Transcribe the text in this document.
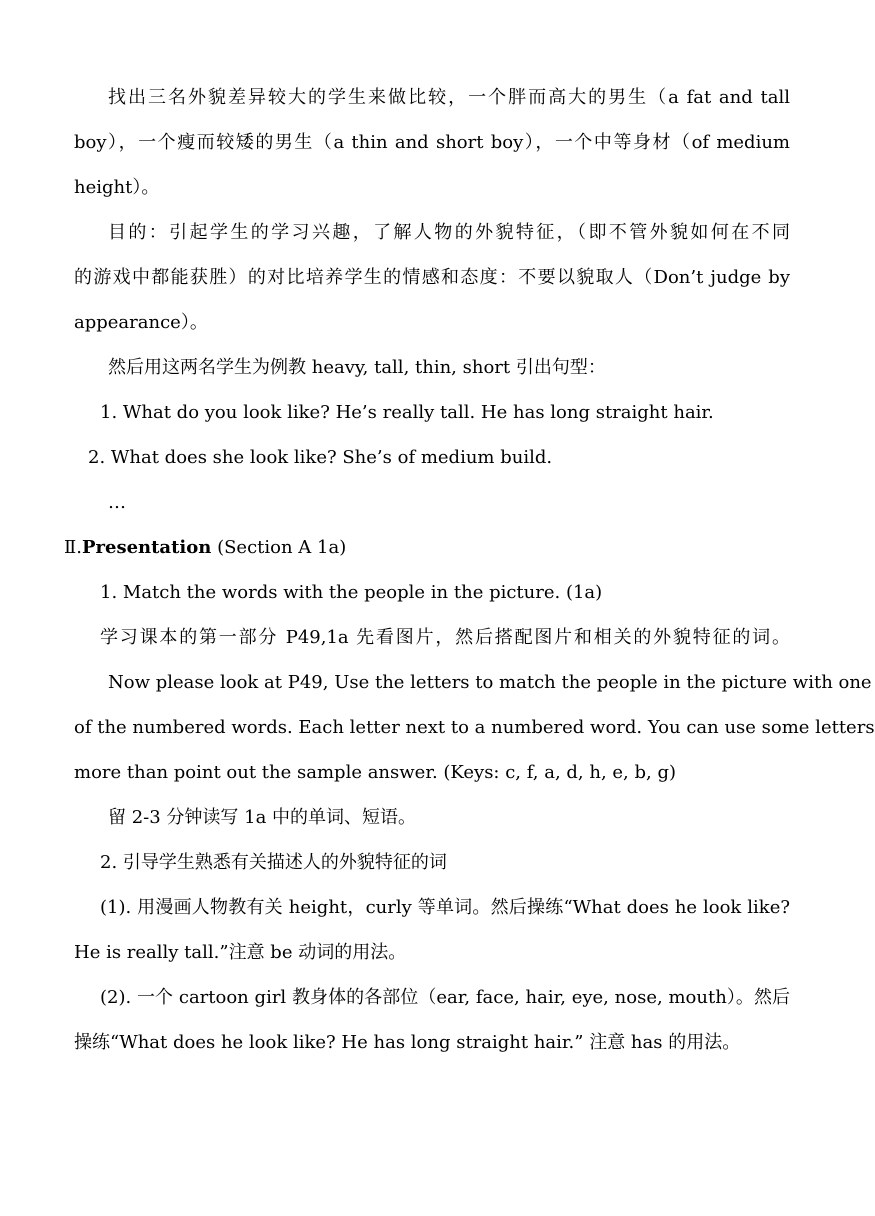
找出三名外貌差异较大的学生来做比较，一个胖而高大的男生（a fat and tall
boy），一个瘦而较矮的男生（a thin and short boy），一个中等身材（of medium
height）。
目的：引起学生的学习兴趣，了解人物的外貌特征，（即不管外貌如何在不同
的游戏中都能获胜）的对比培养学生的情感和态度：不要以貌取人（Don’t judge by
appearance）。
然后用这两名学生为例教 heavy, tall, thin, short 引出句型：
1. What do you look like? He’s really tall. He has long straight hair.
2. What does she look like? She’s of medium build.
…
Ⅱ.Presentation (Section A 1a)
1. Match the words with the people in the picture. (1a)
学习课本的第一部分 P49,1a 先看图片，然后搭配图片和相关的外貌特征的词。
Now please look at P49, Use the letters to match the people in the picture with one
of the numbered words. Each letter next to a numbered word. You can use some letters
more than point out the sample answer. (Keys: c, f, a, d, h, e, b, g)
留 2-3 分钟读写 1a 中的单词、短语。
2. 引导学生熟悉有关描述人的外貌特征的词
(1). 用漫画人物教有关 height，curly 等单词。然后操练“What does he look like?
He is really tall.”注意 be 动词的用法。
(2). 一个 cartoon girl 教身体的各部位（ear, face, hair, eye, nose, mouth）。然后
操练“What does he look like? He has long straight hair.” 注意 has 的用法。
